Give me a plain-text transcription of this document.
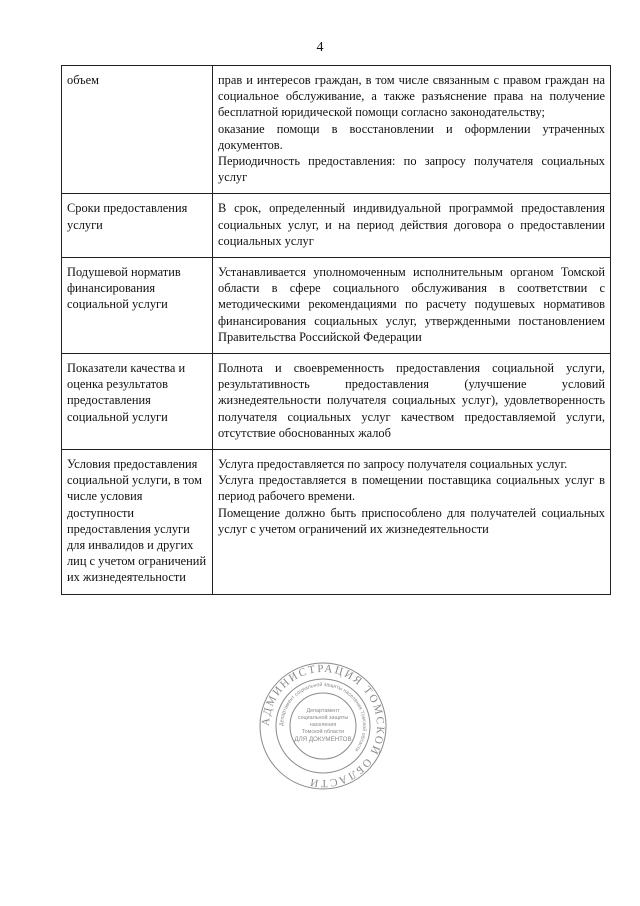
4
объем	прав и интересов граждан, в том числе связанным с правом граждан на социальное обслуживание, а также разъяснение права на получение бесплатной юридической помощи согласно законодательству;

оказание помощи в восстановлении и оформлении утраченных документов.

Периодичность предоставления: по запросу получателя социальных услуг

Сроки предоставления услуги	В срок, определенный индивидуальной программой предоставления социальных услуг, и на период действия договора о предоставлении социальных услуг

Подушевой норматив финансирования социальной услуги	Устанавливается уполномоченным исполнительным органом Томской области в сфере социального обслуживания в соответствии с методическими рекомендациями по расчету подушевых нормативов финансирования социальных услуг, утвержденными постановлением Правительства Российской Федерации

Показатели качества и оценка результатов предоставления социальной услуги	Полнота и своевременность предоставления социальной услуги, результативность предоставления (улучшение условий жизнедеятельности получателя социальных услуг), удовлетворенность получателя социальных услуг качеством предоставляемой услуги, отсутствие обоснованных жалоб

Условия предоставления социальной услуги, в том числе условия доступности предоставления услуги для инвалидов и других лиц с учетом ограничений их жизнедеятельности	Услуга предоставляется по запросу получателя социальных услуг.

Услуга предоставляется в помещении поставщика социальных услуг в период рабочего времени.

Помещение должно быть приспособлено для получателей социальных услуг с учетом ограничений их жизнедеятельности

АДМИНИСТРАЦИЯ ТОМСКОЙ ОБЛАСТИ
Департамент социальной защиты населения Томской области
Департамент
социальной защиты
населения
Томской области
ДЛЯ ДОКУМЕНТОВ
